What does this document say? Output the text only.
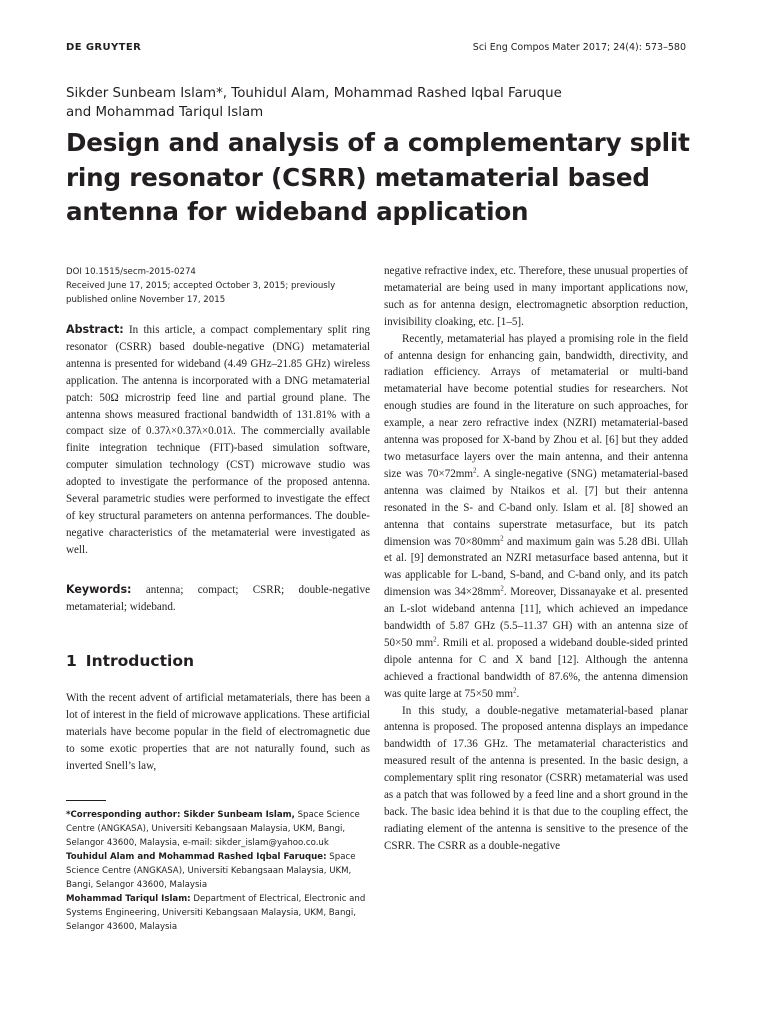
DE GRUYTER	Sci Eng Compos Mater 2017; 24(4): 573–580
Sikder Sunbeam Islam*, Touhidul Alam, Mohammad Rashed Iqbal Faruque
and Mohammad Tariqul Islam
Design and analysis of a complementary split ring resonator (CSRR) metamaterial based antenna for wideband application
DOI 10.1515/secm-2015-0274
Received June 17, 2015; accepted October 3, 2015; previously published online November 17, 2015

Abstract: In this article, a compact complementary split ring resonator (CSRR) based double-negative (DNG) metamaterial antenna is presented for wideband (4.49 GHz–21.85 GHz) wireless application. The antenna is incorporated with a DNG metamaterial patch: 50Ω microstrip feed line and partial ground plane. The antenna shows measured fractional bandwidth of 131.81% with a compact size of 0.37λ×0.37λ×0.01λ. The commercially available finite integration technique (FIT)-based simulation software, computer simulation technology (CST) microwave studio was adopted to investigate the performance of the proposed antenna. Several parametric studies were performed to investigate the effect of key structural parameters on antenna performances. The double-negative characteristics of the metamaterial were investigated as well.

Keywords: antenna; compact; CSRR; double-negative metamaterial; wideband.

1 Introduction

With the recent advent of artificial metamaterials, there has been a lot of interest in the field of microwave applications. These artificial materials have become popular in the field of electromagnetic due to some exotic properties that are not naturally found, such as inverted Snell’s law,

*Corresponding author: Sikder Sunbeam Islam, Space Science Centre (ANGKASA), Universiti Kebangsaan Malaysia, UKM, Bangi, Selangor 43600, Malaysia, e-mail: sikder_islam@yahoo.co.uk

Touhidul Alam and Mohammad Rashed Iqbal Faruque: Space Science Centre (ANGKASA), Universiti Kebangsaan Malaysia, UKM, Bangi, Selangor 43600, Malaysia

Mohammad Tariqul Islam: Department of Electrical, Electronic and Systems Engineering, Universiti Kebangsaan Malaysia, UKM, Bangi, Selangor 43600, Malaysia

negative refractive index, etc. Therefore, these unusual properties of metamaterial are being used in many important applications now, such as for antenna design, electromagnetic absorption reduction, invisibility cloaking, etc. [1–5].

Recently, metamaterial has played a promising role in the field of antenna design for enhancing gain, bandwidth, directivity, and radiation efficiency. Arrays of metamaterial or multi-band metamaterial have become potential studies for researchers. Not enough studies are found in the literature on such approaches, for example, a near zero refractive index (NZRI) metamaterial-based antenna was proposed for X-band by Zhou et al. [6] but they added two metasurface layers over the main antenna, and their antenna size was $70\times 72mm^2$. A single-negative (SNG) metamaterial-based antenna was claimed by Ntaikos et al. [7] but their antenna resonated in the S- and C-band only. Islam et al. [8] showed an antenna that contains superstrate metasurface, but its patch dimension was $70\times 80mm^2$ and maximum gain was 5.28 dBi. Ullah et al. [9] demonstrated an NZRI metasurface based antenna, but it was applicable for L-band, S-band, and C-band only, and its patch dimension was $34\times 28mm^2$. Moreover, Dissanayake et al. presented an L-slot wideband antenna [11], which achieved an impedance bandwidth of 5.87 GHz (5.5–11.37 GH) with an antenna size of 50×50 $mm^2$. Rmili et al. proposed a wideband double-sided printed dipole antenna for C and X band [12]. Although the antenna achieved a fractional bandwidth of 87.6%, the antenna dimension was quite large at 75×50 $mm^2$.

In this study, a double-negative metamaterial-based planar antenna is proposed. The proposed antenna displays an impedance bandwidth of 17.36 GHz. The metamaterial characteristics and measured result of the antenna is presented. In the basic design, a complementary split ring resonator (CSRR) metamaterial was used as a patch that was followed by a feed line and a short ground in the back. The basic idea behind it is that due to the coupling effect, the radiating element of the antenna is sensitive to the presence of the CSRR. The CSRR as a double-negative
